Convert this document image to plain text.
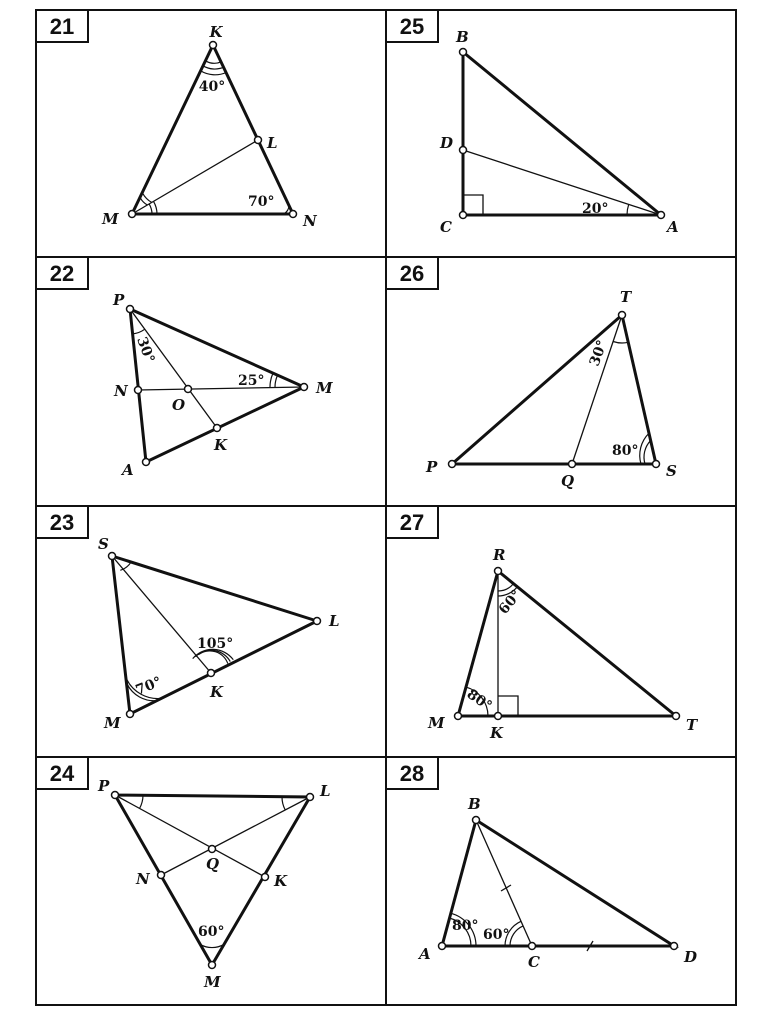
21	K
L
M	N
40°
70°
25 B
D
C	A
20°
22
P
N
O
M
K
A
30°
25°
26
T
P
Q
S
30°
80°
23
S
L
K
M
105°
70°
27
R
M
K	T
60°
80°
24 P	L
Q
N	K
M
60°
28
B
A	C	D
80°
60°
